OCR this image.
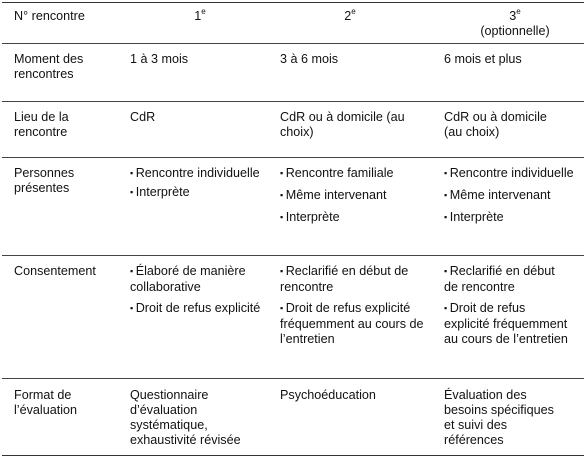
N° rencontre	1e	2e	3e
(optionnelle)
Moment des rencontres
1 à 3 mois	3 à 6 mois	6 mois et plus
Lieu de la rencontre
CdR	CdR ou à domicile (au choix)
CdR ou à domicile (au choix)
Personnes présentes
▪ Rencontre individuelle
▪ Interprète
▪ Rencontre familiale
▪ Même intervenant
▪ Interprète
▪ Rencontre individuelle
▪ Même intervenant
▪ Interprète
Consentement
▪	Élaboré de manière collaborative
▪ Droit de refus explicité
▪ Reclarifié en début de rencontre
▪ Droit de refus explicité fréquemment au cours de l’entretien
▪ Reclarifié en début de rencontre
▪ Droit de refus explicité fréquemment au cours de l’entretien
Format de l’évaluation
Questionnaire d’évaluation systématique, exhaustivité révisée
Psychoéducation	Évaluation des besoins spécifiques et suivi des références
